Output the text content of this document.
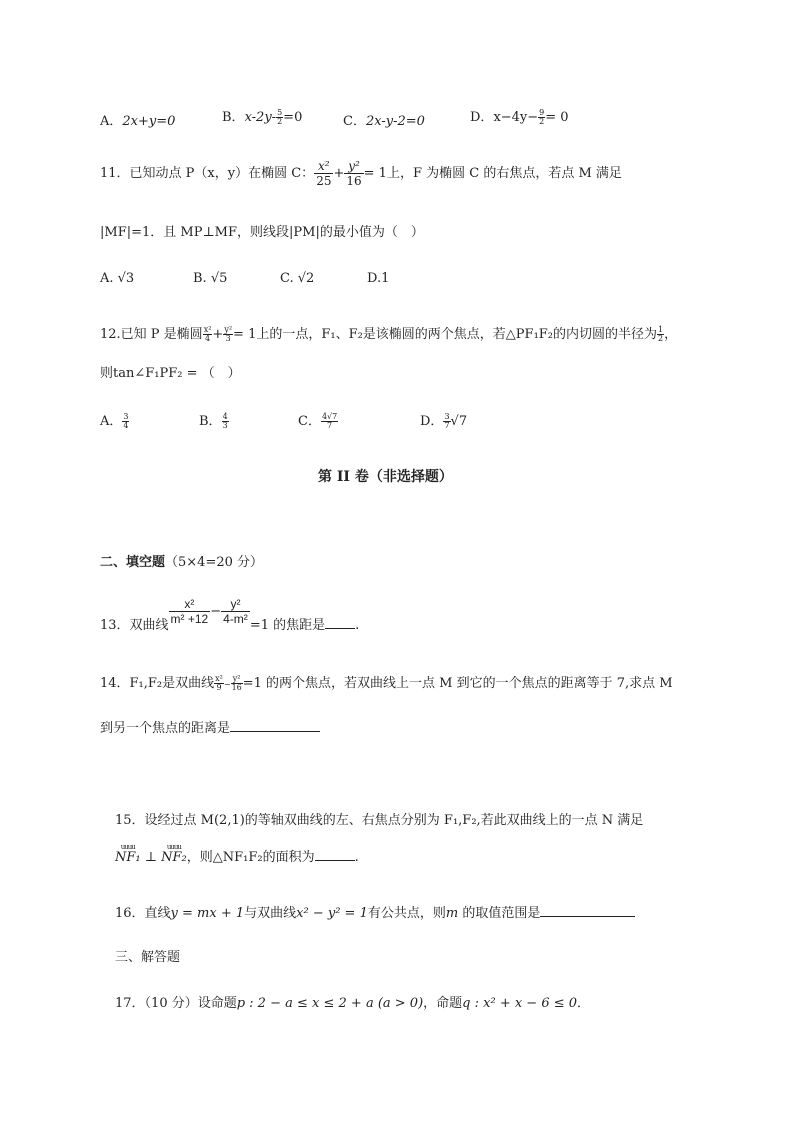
A．2x+y=0	B．$x-2y- \frac{5}{2} =0$	C．2x-y-2=0	D．$x-4y- \frac{9}{2} = 0$
11．已知动点 P（x，y）在椭圆 C： $\frac{\text{x²}}{25} + \frac{\text{y²}}{16} = 1$上，F 为椭圆 C 的右焦点，若点 M 满足
|MF|=1．且 MP⊥MF，则线段|PM|的最小值为（　）
A. √3	B. √5	C. √2	D.1
12.已知 P 是椭圆 $\frac{\text{x²}}{4} + \frac{\text{y²}}{3} = 1$上的一点，F₁、F₂是该椭圆的两个焦点，若△PF₁F₂的内切圆的半径为 $\frac{1}{2}$ ，
则tan∠F₁PF₂ = （　）
A． $\frac{3}{4}$	B． $\frac{4}{3}$	C． $\frac{4√7}{7}$	D． $\frac{3}{7} √7$
第 II 卷（非选择题）
二、填空题（5×4=20 分）
13．双曲线
$\frac{\text{x²}}{\text{m² +12}} - \frac{\text{y²}}{\text{4-m²}}$
=1 的焦距是 .
14．F₁,F₂是双曲线 $\frac{\text{x²}}{9} - \frac{\text{y²}}{16} =1$ 的两个焦点，若双曲线上一点 M 到它的一个焦点的距离等于 7,求点 M
到另一个焦点的距离是
15．设经过点 M(2,1)的等轴双曲线的左、右焦点分别为 F₁,F₂,若此双曲线上的一点 N 满足
uuuu
NF₁ ⊥
uuuu
NF₂，则△NF₁F₂的面积为	.
16．直线y = mx + 1与双曲线x² − y² = 1有公共点，则m 的取值范围是
三、解答题
17．（10 分）设命题p : 2 − a ≤ x ≤ 2 + a (a > 0)，命题q : x² + x − 6 ≤ 0．
